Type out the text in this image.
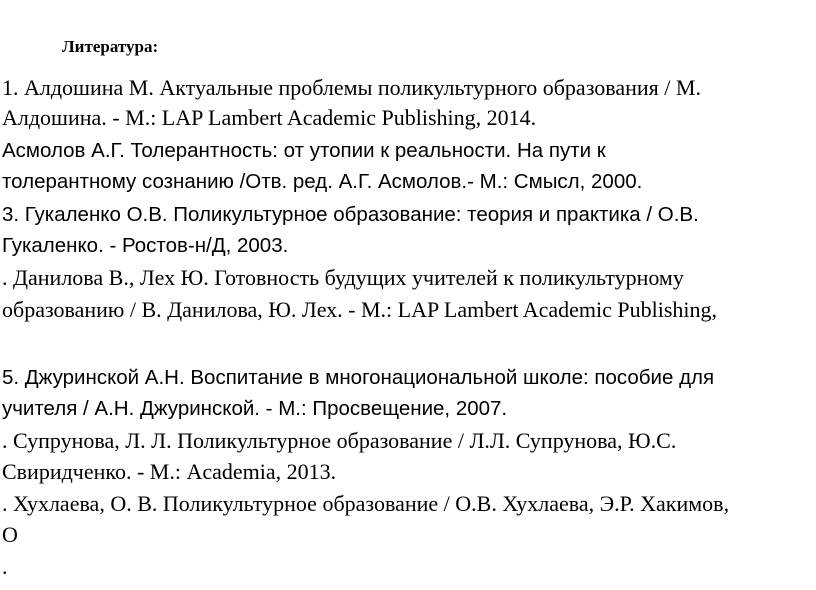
Литература:
1. Алдошина М. Актуальные проблемы поликультурного образования / М.
Алдошина. - М.: LAP Lambert Academic Publishing, 2014.
Асмолов А.Г. Толерантность: от утопии к реальности. На пути к
толерантному сознанию /Отв. ред. А.Г. Асмолов.- М.: Смысл, 2000.
3. Гукаленко О.В. Поликультурное образование: теория и практика / О.В.
Гукаленко. - Ростов-н/Д, 2003.
. Данилова В., Лех Ю. Готовность будущих учителей к поликультурному
образованию / В. Данилова, Ю. Лех. - М.: LAP Lambert Academic Publishing,
5. Джуринской А.Н. Воспитание в многонациональной школе: пособие для
учителя / А.Н. Джуринской. - М.: Просвещение, 2007.
. Супрунова, Л. Л. Поликультурное образование / Л.Л. Супрунова, Ю.С.
Свиридченко. - М.: Academia, 2013.
. Хухлаева, О. В. Поликультурное образование / О.В. Хухлаева, Э.Р. Хакимов,
О
.
